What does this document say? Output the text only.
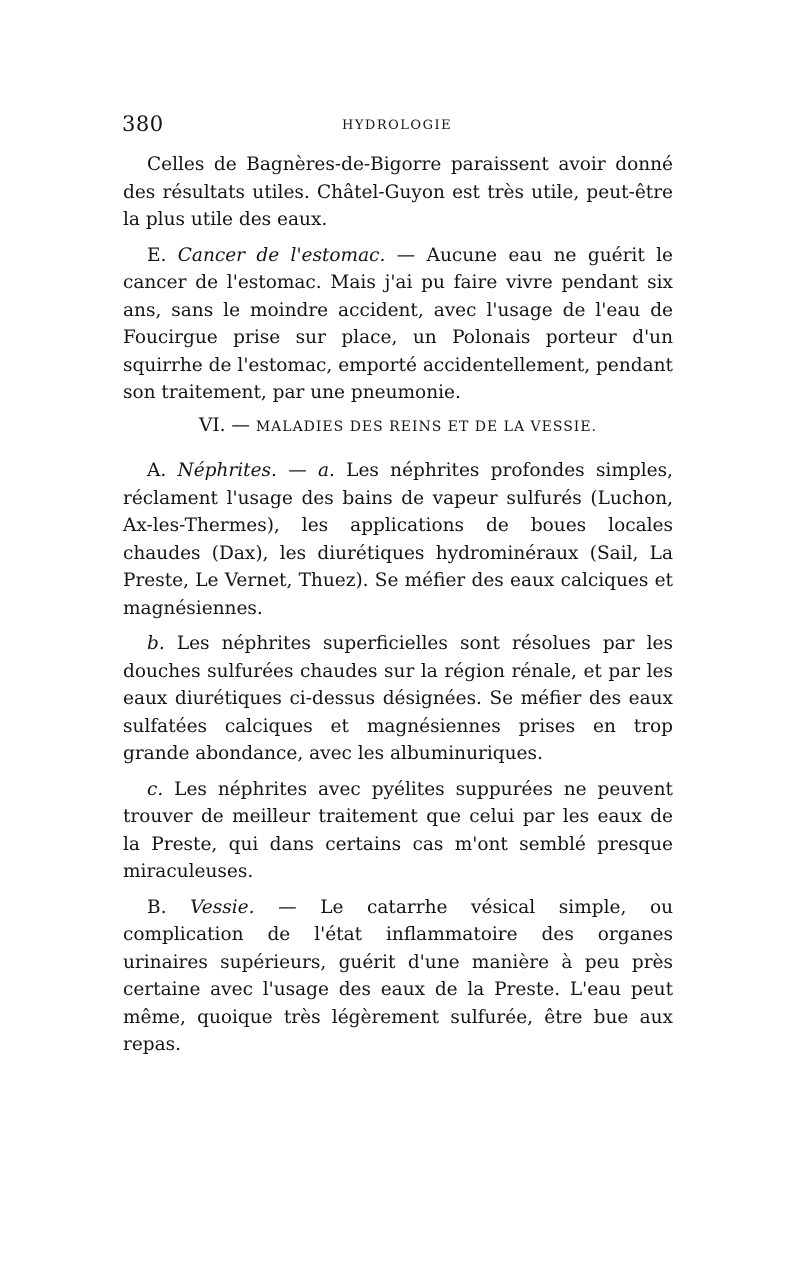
380	HYDROLOGIE

Celles de Bagnères-de-Bigorre paraissent avoir donné des résultats utiles. Châtel-Guyon est très utile, peut-être la plus utile des eaux.

E. Cancer de l'estomac. — Aucune eau ne guérit le cancer de l'estomac. Mais j'ai pu faire vivre pendant six ans, sans le moindre accident, avec l'usage de l'eau de Foucirgue prise sur place, un Polonais porteur d'un squirrhe de l'estomac, emporté accidentellement, pendant son traitement, par une pneumonie.

VI. — MALADIES DES REINS ET DE LA VESSIE.

A. Néphrites. — a. Les néphrites profondes simples, réclament l'usage des bains de vapeur sulfurés (Luchon, Ax-les-Thermes), les applications de boues locales chaudes (Dax), les diurétiques hydrominéraux (Sail, La Preste, Le Vernet, Thuez). Se méfier des eaux calciques et magnésiennes.

b. Les néphrites superficielles sont résolues par les douches sulfurées chaudes sur la région rénale, et par les eaux diurétiques ci-dessus désignées. Se méfier des eaux sulfatées calciques et magnésiennes prises en trop grande abondance, avec les albuminuriques.

c. Les néphrites avec pyélites suppurées ne peuvent trouver de meilleur traitement que celui par les eaux de la Preste, qui dans certains cas m'ont semblé presque miraculeuses.

B. Vessie. — Le catarrhe vésical simple, ou complication de l'état inflammatoire des organes urinaires supérieurs, guérit d'une manière à peu près certaine avec l'usage des eaux de la Preste. L'eau peut même, quoique très légèrement sulfurée, être bue aux repas.
